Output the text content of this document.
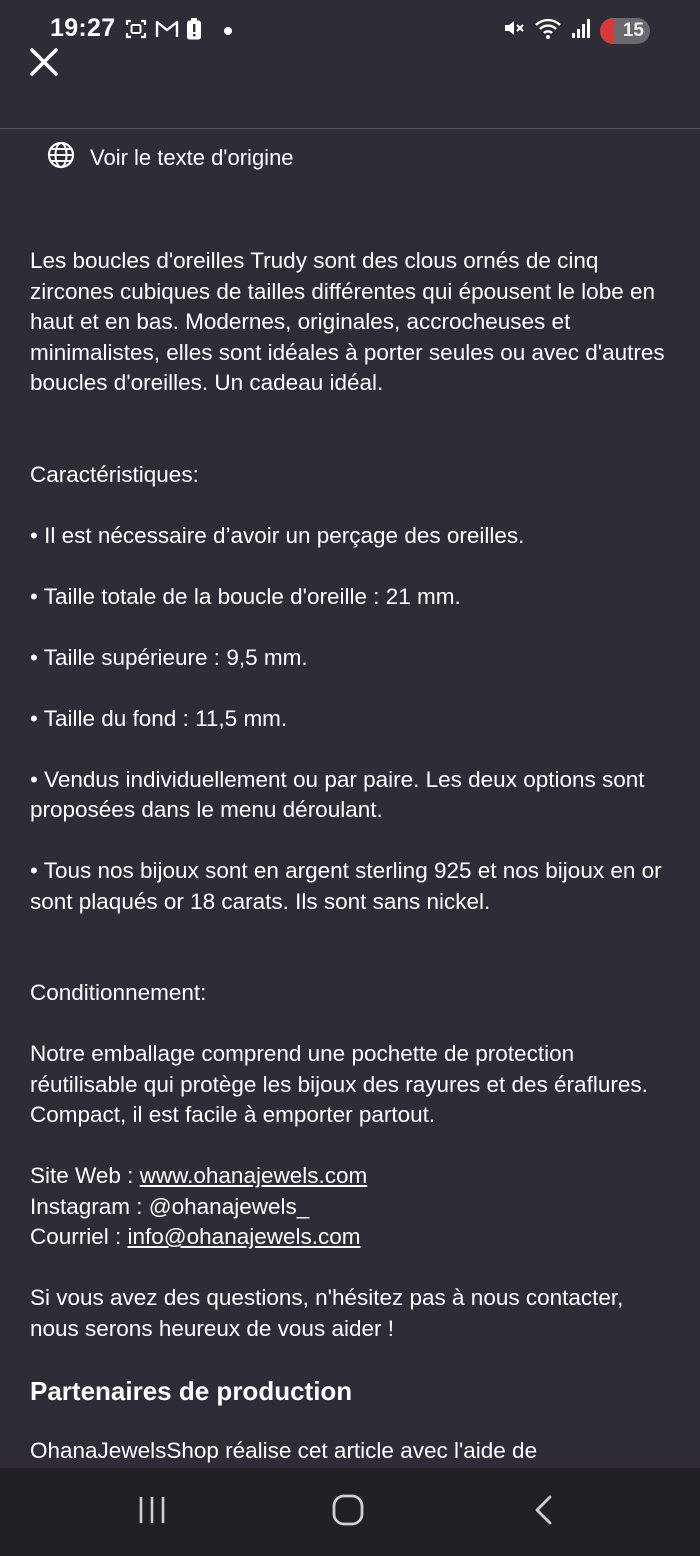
19:27	15
Voir le texte d'origine

Les boucles d'oreilles Trudy sont des clous ornés de cinq zircones cubiques de tailles différentes qui épousent le lobe en haut et en bas. Modernes, originales, accrocheuses et minimalistes, elles sont idéales à porter seules ou avec d'autres boucles d'oreilles. Un cadeau idéal.

Caractéristiques:

• Il est nécessaire d’avoir un perçage des oreilles.

• Taille totale de la boucle d'oreille : 21 mm.

• Taille supérieure : 9,5 mm.

• Taille du fond : 11,5 mm.

• Vendus individuellement ou par paire. Les deux options sont proposées dans le menu déroulant.

• Tous nos bijoux sont en argent sterling 925 et nos bijoux en or sont plaqués or 18 carats. Ils sont sans nickel.

Conditionnement:

Notre emballage comprend une pochette de protection réutilisable qui protège les bijoux des rayures et des éraflures. Compact, il est facile à emporter partout.

Site Web : www.ohanajewels.com

Instagram : @ohanajewels_

Courriel : info@ohanajewels.com

Si vous avez des questions, n'hésitez pas à nous contacter, nous serons heureux de vous aider !

Partenaires de production

OhanaJewelsShop réalise cet article avec l'aide de
